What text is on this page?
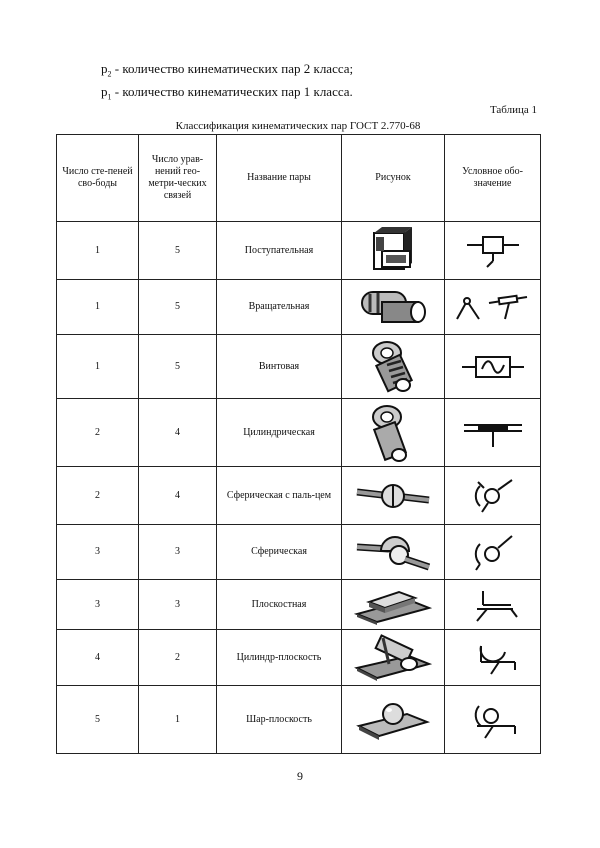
$p_2$ - количество кинематических пар 2 класса;
$p_1$ - количество кинематических пар 1 класса.
Таблица 1
Классификация кинематических пар ГОСТ 2.770-68
Число сте-пеней сво-боды	Число урав-нений гео-метри-ческих связей	Название пары	Рисунок	Условное обо-значение
1	5	Поступательная	

1	5	Вращательная	

1	5	Винтовая	

2	4	Цилиндрическая	

2	4	Сферическая с паль-цем	

3	3	Сферическая	

3	3	Плоскостная	

4	2	Цилиндр-плоскость	

5	1	Шар-плоскость	

9
